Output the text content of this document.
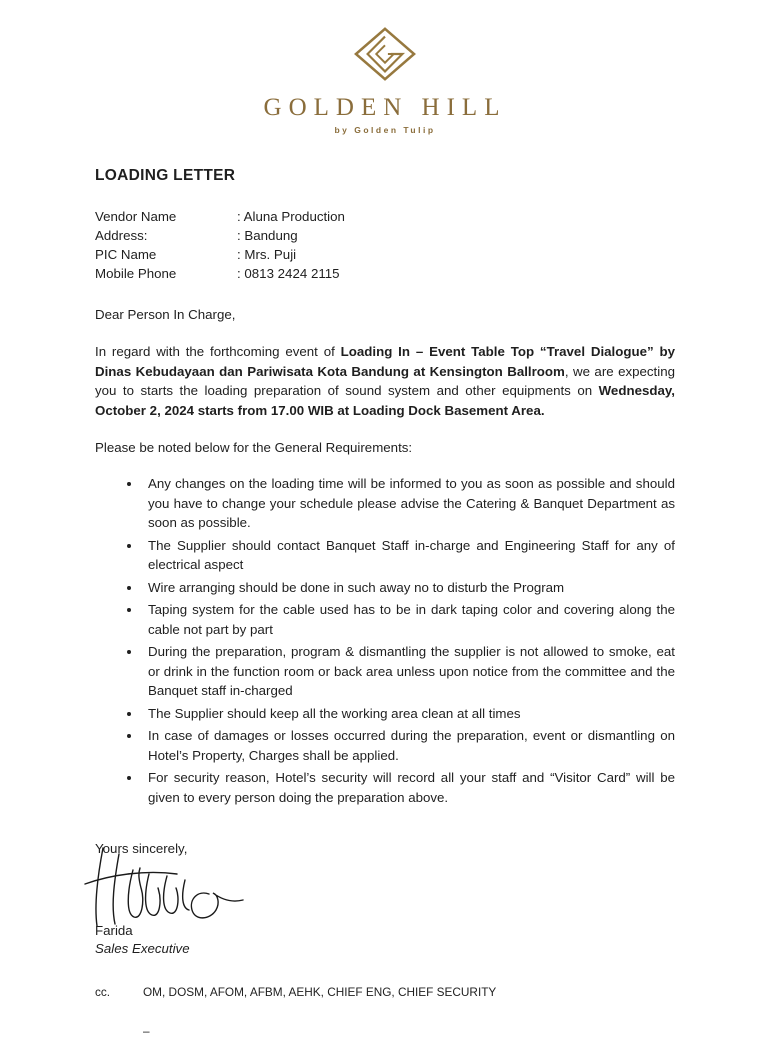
GOLDEN HILL
by Golden Tulip
LOADING LETTER
Vendor Name	: Aluna Production
Address:	: Bandung
PIC Name	: Mrs. Puji
Mobile Phone	: 0813 2424 2115
Dear Person In Charge,
In regard with the forthcoming event of Loading In – Event Table Top “Travel Dialogue” by Dinas Kebudayaan dan Pariwisata Kota Bandung at Kensington Ballroom, we are expecting you to starts the loading preparation of sound system and other equipments on Wednesday, October 2, 2024 starts from 17.00 WIB at Loading Dock Basement Area.
Please be noted below for the General Requirements:
• Any changes on the loading time will be informed to you as soon as possible and should you have to change your schedule please advise the Catering & Banquet Department as soon as possible.
• The Supplier should contact Banquet Staff in-charge and Engineering Staff for any of electrical aspect
• Wire arranging should be done in such away no to disturb the Program
• Taping system for the cable used has to be in dark taping color and covering along the cable not part by part
• During the preparation, program & dismantling the supplier is not allowed to smoke, eat or drink in the function room or back area unless upon notice from the committee and the Banquet staff in-charged
• The Supplier should keep all the working area clean at all times
• In case of damages or losses occurred during the preparation, event or dismantling on Hotel’s Property, Charges shall be applied.
• For security reason, Hotel’s security will record all your staff and “Visitor Card” will be given to every person doing the preparation above.
Yours sincerely,
Farida
Sales Executive
cc.	OM, DOSM, AFOM, AFBM, AEHK, CHIEF ENG, CHIEF SECURITY
–
